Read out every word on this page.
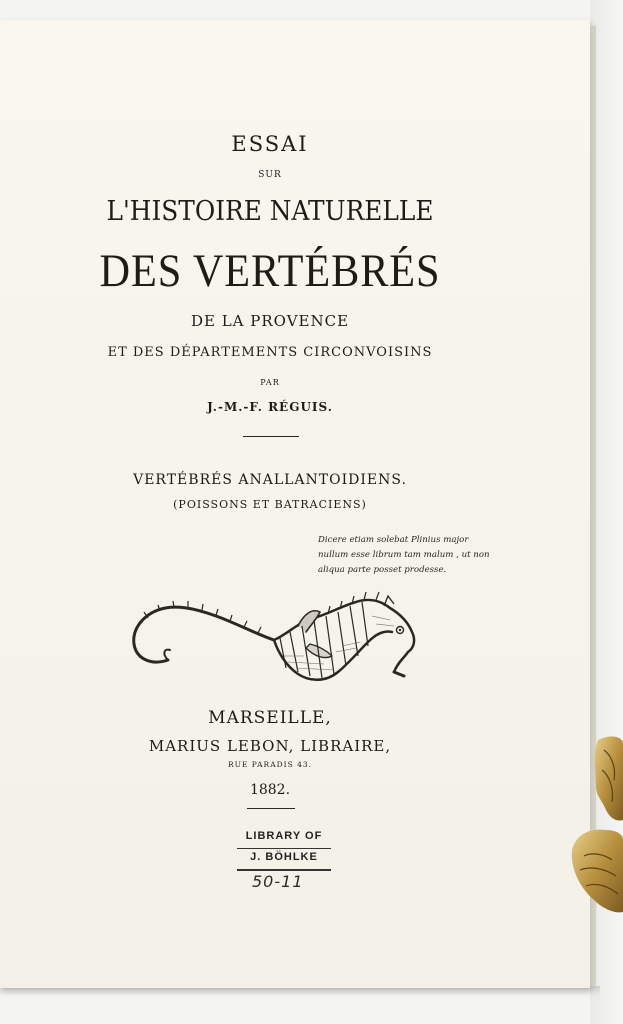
ESSAI
SUR
L'HISTOIRE NATURELLE
DES VERTÉBRÉS
DE LA PROVENCE
ET DES DÉPARTEMENTS CIRCONVOISINS
PAR
J.-M.-F. RÉGUIS.
VERTÉBRÉS ANALLANTOIDIENS.
(POISSONS ET BATRACIENS)
Dicere etiam solebat Plinius major
nullum esse librum tam malum , ut non
aliqua parte posset prodesse.
MARSEILLE,
MARIUS LEBON, LIBRAIRE,
RUE PARADIS 43.
1882.
LIBRARY OF
J. BÖHLKE
50-11
